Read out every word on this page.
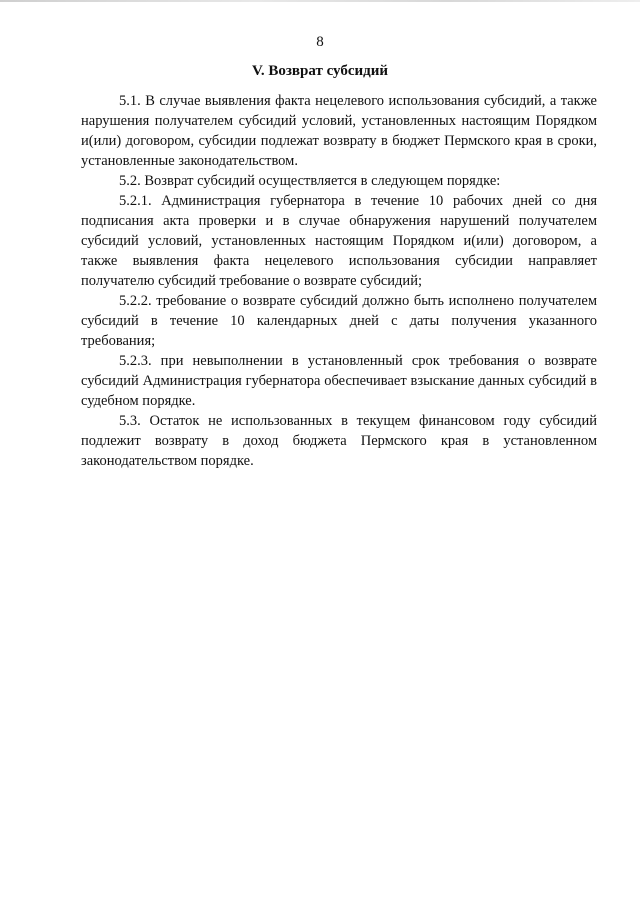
8
V. Возврат субсидий

5.1. В случае выявления факта нецелевого использования субсидий, а также нарушения получателем субсидий условий, установленных настоящим Порядком и(или) договором, субсидии подлежат возврату в бюджет Пермского края в сроки, установленные законодательством.

5.2. Возврат субсидий осуществляется в следующем порядке:

5.2.1. Администрация губернатора в течение 10 рабочих дней со дня подписания акта проверки и в случае обнаружения нарушений получателем субсидий условий, установленных настоящим Порядком и(или) договором, а также выявления факта нецелевого использования субсидии направляет получателю субсидий требование о возврате субсидий;

5.2.2. требование о возврате субсидий должно быть исполнено получателем субсидий в течение 10 календарных дней с даты получения указанного требования;

5.2.3. при невыполнении в установленный срок требования о возврате субсидий Администрация губернатора обеспечивает взыскание данных субсидий в судебном порядке.

5.3. Остаток не использованных в текущем финансовом году субсидий подлежит возврату в доход бюджета Пермского края в установленном законодательством порядке.
